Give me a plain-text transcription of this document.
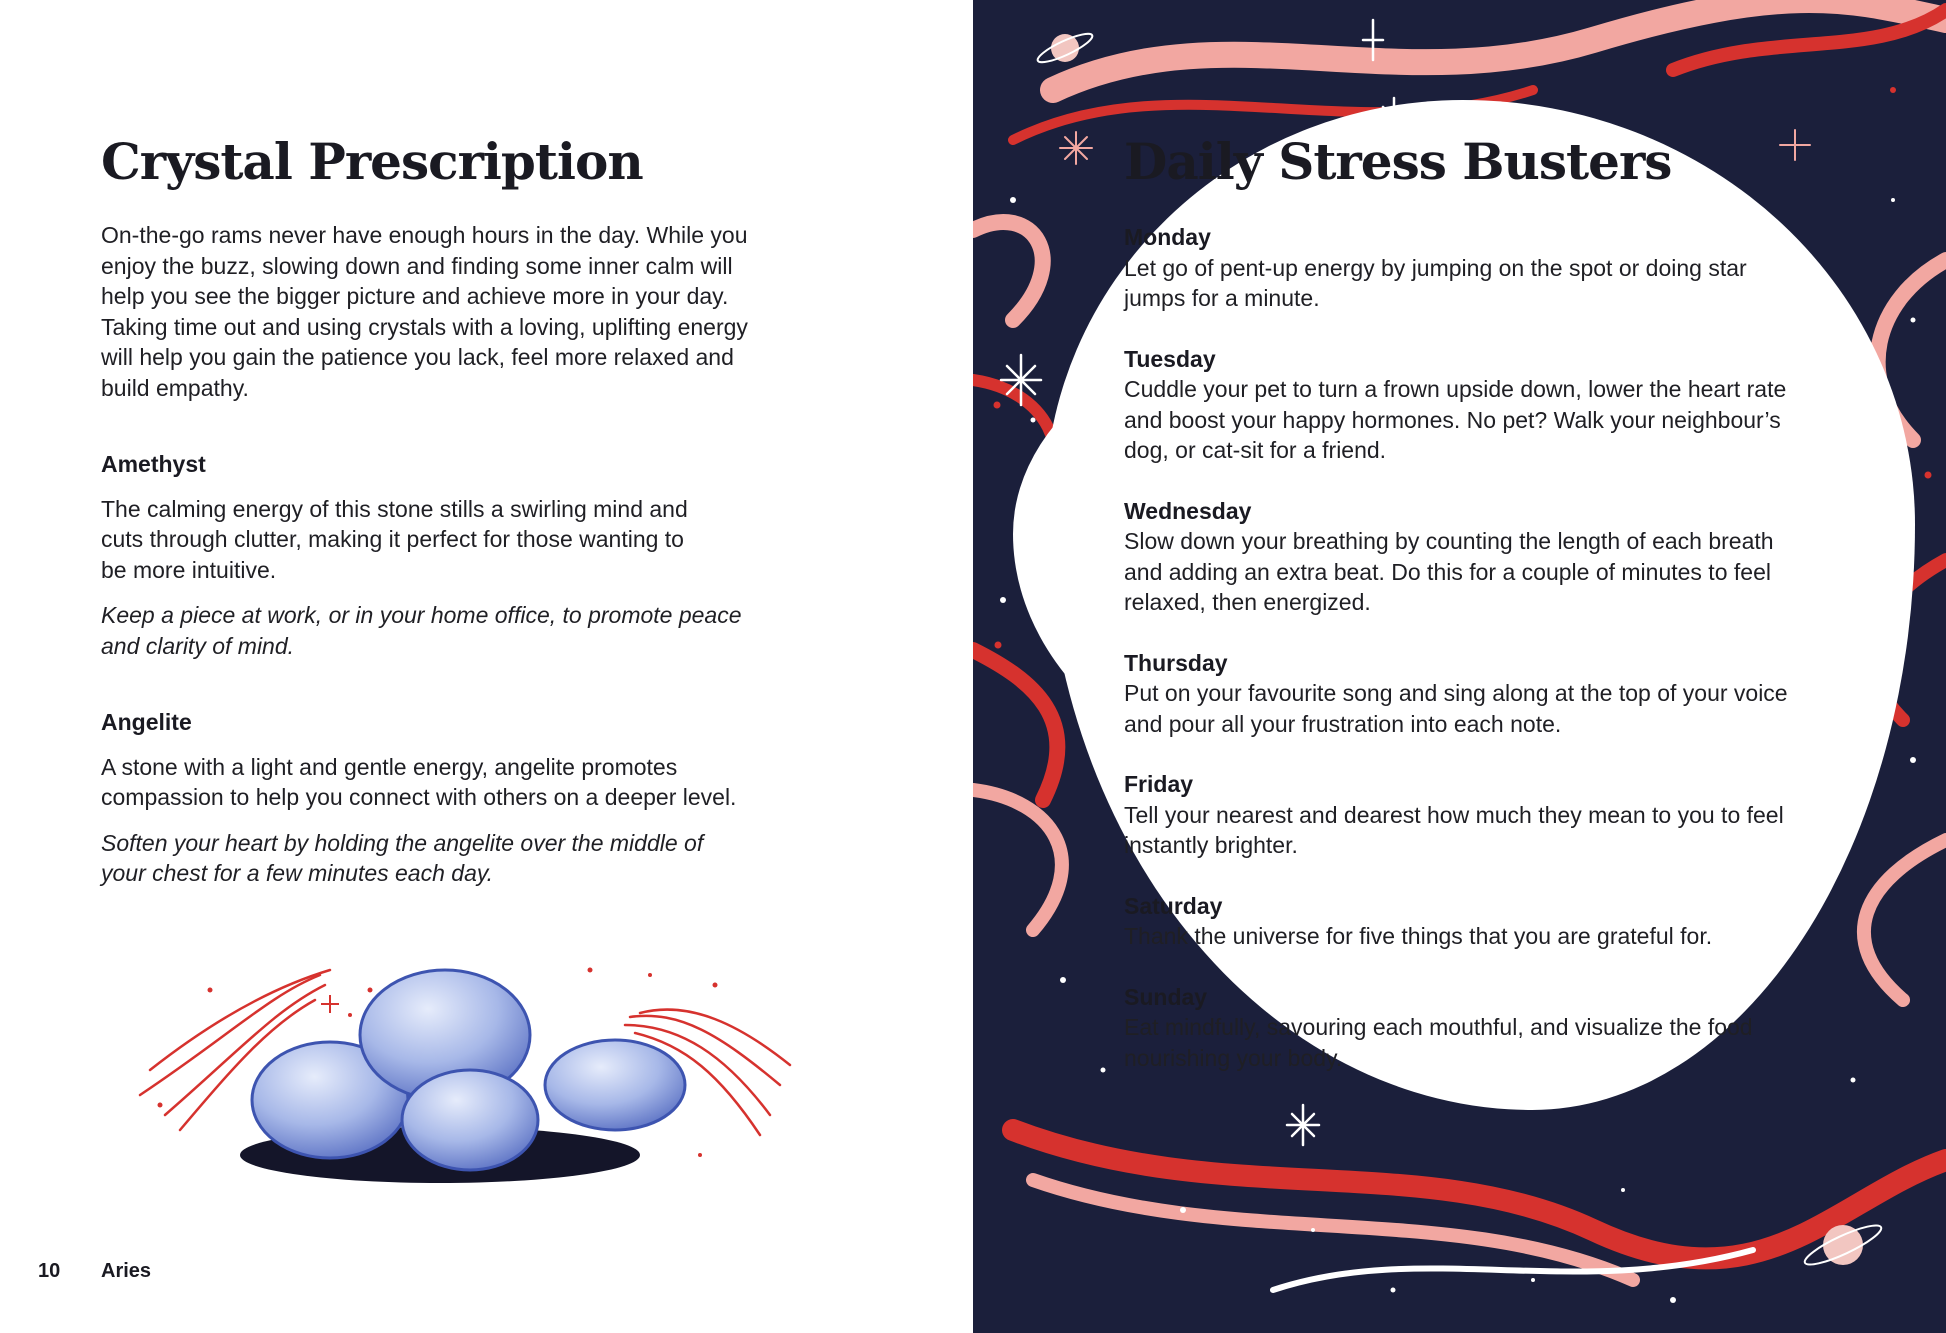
Crystal Prescription

On-the-go rams never have enough hours in the day. While you
enjoy the buzz, slowing down and finding some inner calm will
help you see the bigger picture and achieve more in your day.
Taking time out and using crystals with a loving, uplifting energy
will help you gain the patience you lack, feel more relaxed and
build empathy.

Amethyst

The calming energy of this stone stills a swirling mind and
cuts through clutter, making it perfect for those wanting to
be more intuitive.

Keep a piece at work, or in your home office, to promote peace
and clarity of mind.

Angelite

A stone with a light and gentle energy, angelite promotes
compassion to help you connect with others on a deeper level.

Soften your heart by holding the angelite over the middle of
your chest for a few minutes each day.

10 Aries
Daily Stress Busters

Monday

Let go of pent-up energy by jumping on the spot or doing star
jumps for a minute.

Tuesday

Cuddle your pet to turn a frown upside down, lower the heart rate
and boost your happy hormones. No pet? Walk your neighbour’s
dog, or cat-sit for a friend.

Wednesday

Slow down your breathing by counting the length of each breath
and adding an extra beat. Do this for a couple of minutes to feel
relaxed, then energized.

Thursday

Put on your favourite song and sing along at the top of your voice
and pour all your frustration into each note.

Friday

Tell your nearest and dearest how much they mean to you to feel
instantly brighter.

Saturday

Thank the universe for five things that you are grateful for.

Sunday

Eat mindfully, savouring each mouthful, and visualize the food
nourishing your body.
